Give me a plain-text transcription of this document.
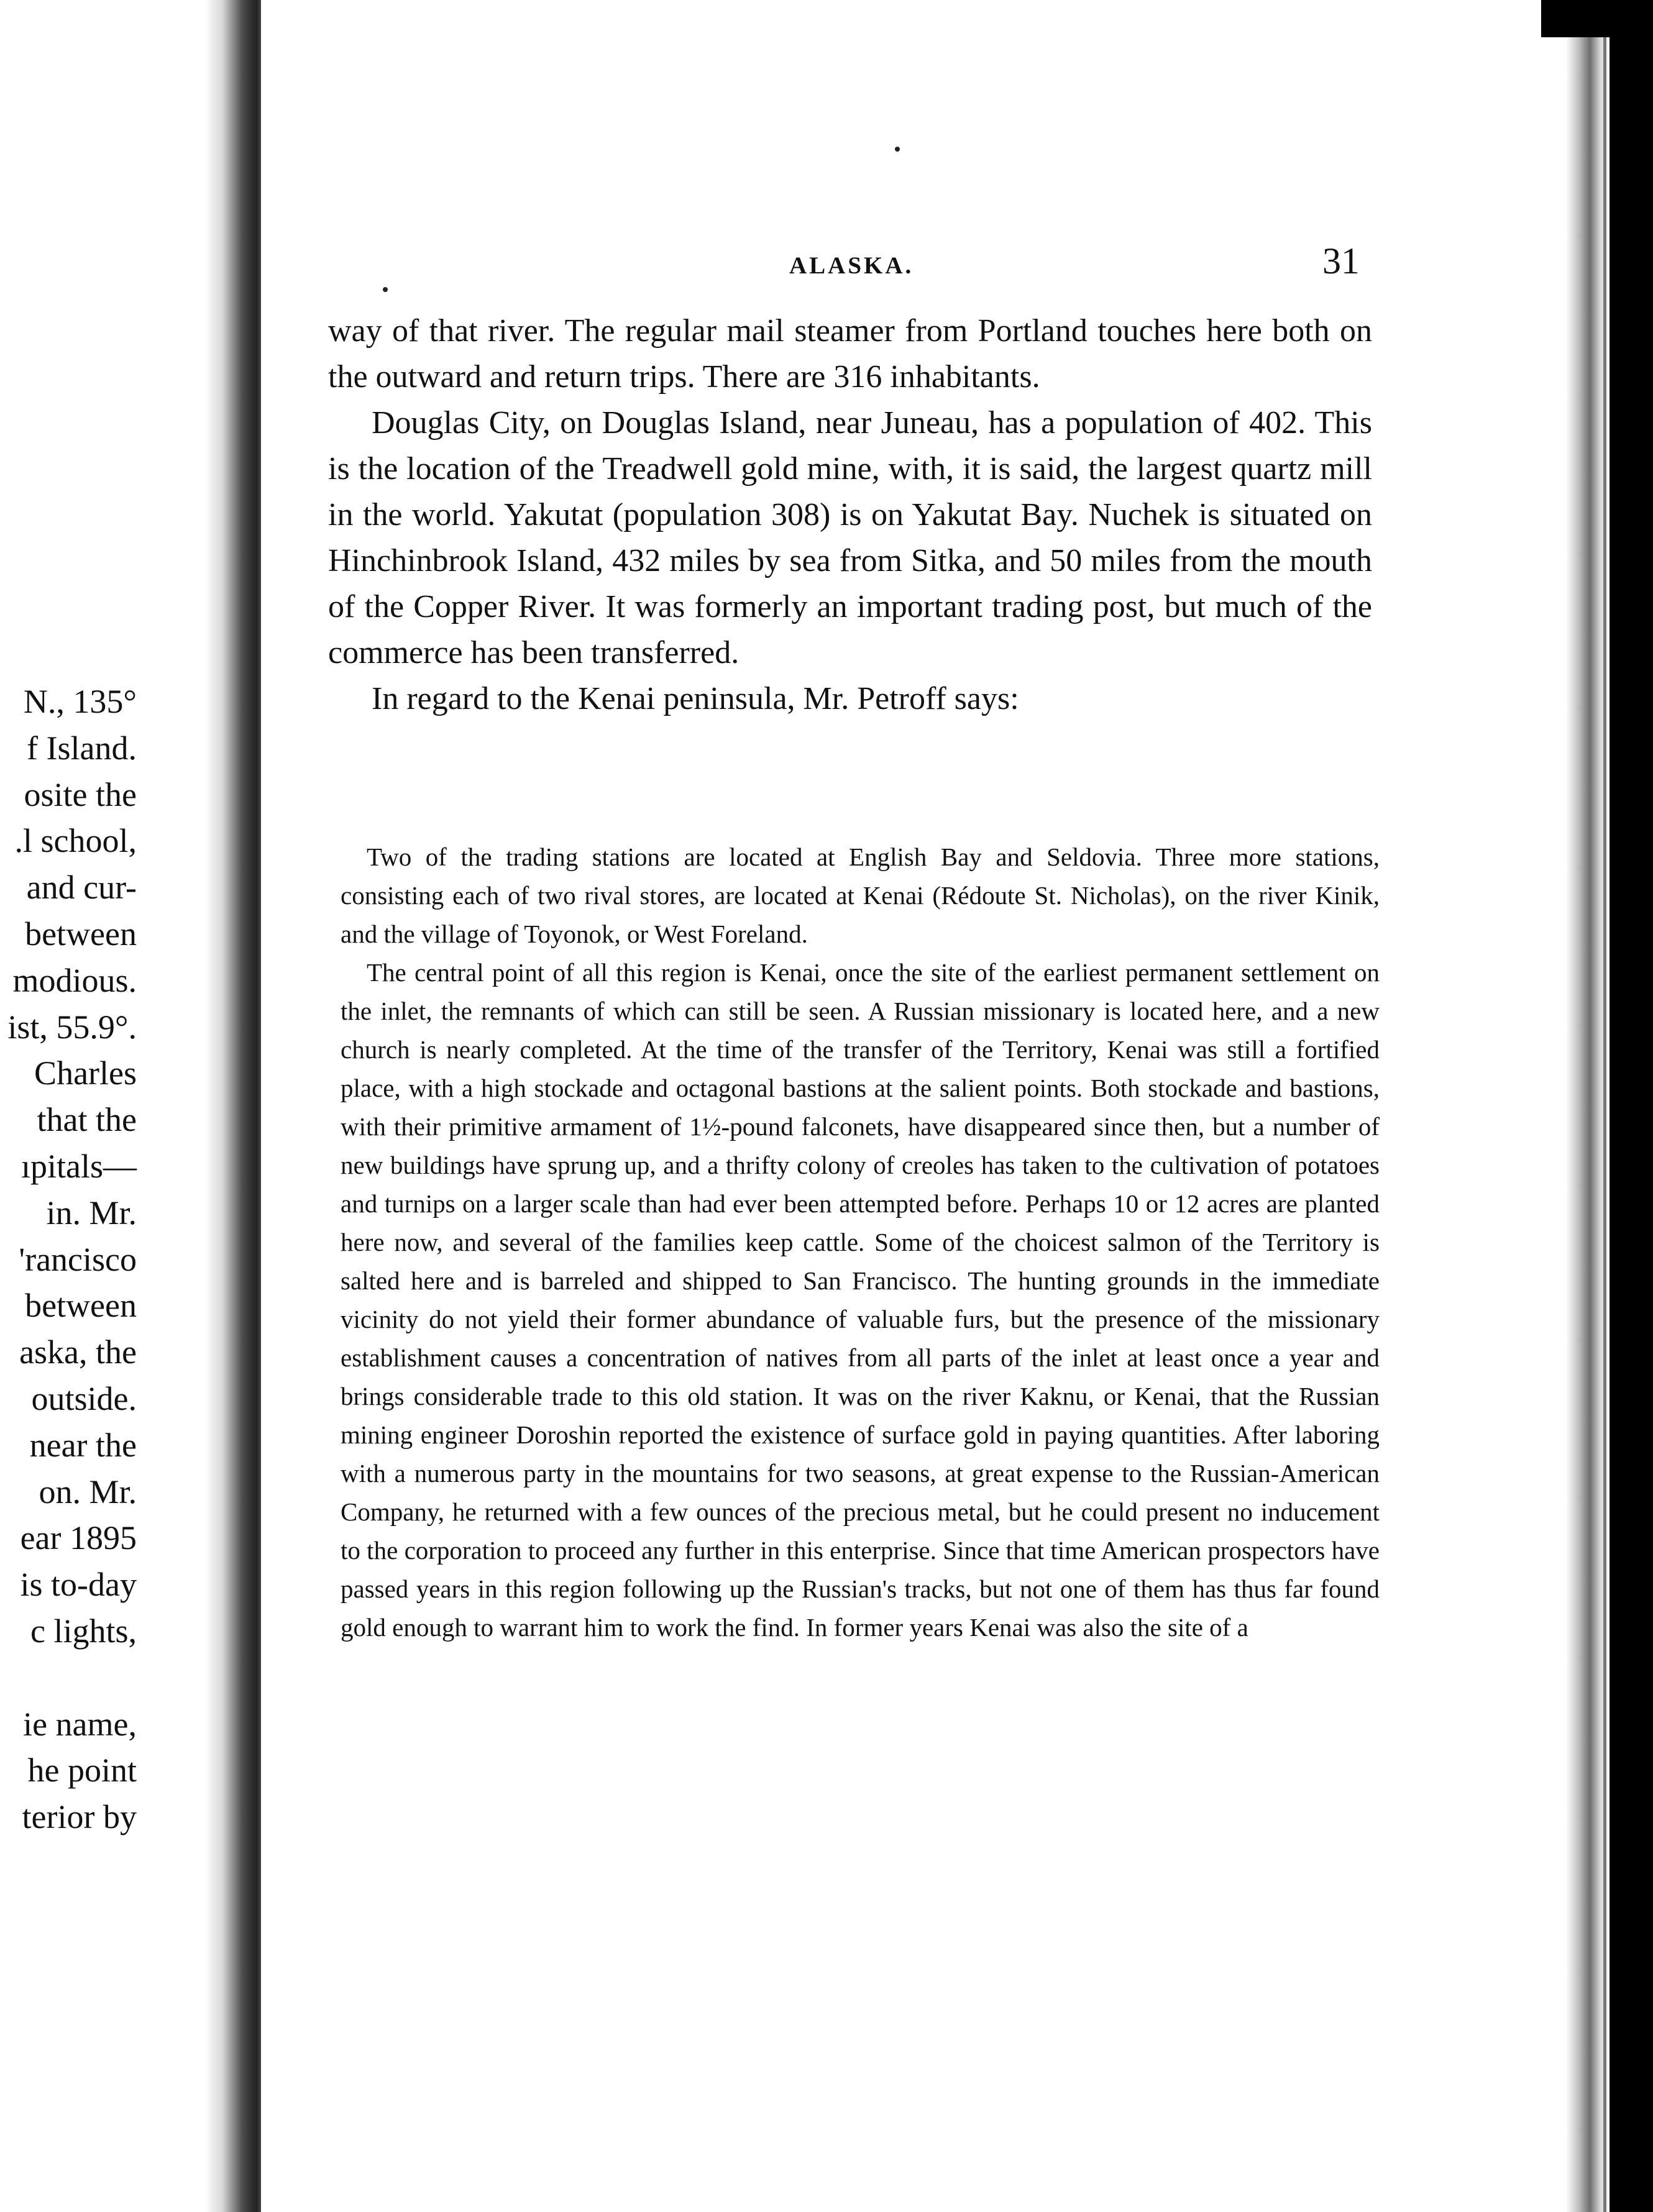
N., 135°
f Island.
osite the
.l school,
and cur-
between
modious.
ist, 55.9°.
Charles
that the
ıpitals—
in. Mr.
'rancisco
between
aska, the
outside.
near the
on. Mr.
ear 1895
is to-day
c lights,
ie name,
he point
terior by
ALASKA.	31

way of that river. The regular mail steamer from Portland touches here both on the outward and return trips. There are 316 inhabitants.

Douglas City, on Douglas Island, near Juneau, has a population of 402. This is the location of the Treadwell gold mine, with, it is said, the largest quartz mill in the world. Yakutat (population 308) is on Yakutat Bay. Nuchek is situated on Hinchinbrook Island, 432 miles by sea from Sitka, and 50 miles from the mouth of the Copper River. It was formerly an important trading post, but much of the commerce has been transferred.

In regard to the Kenai peninsula, Mr. Petroff says:

Two of the trading stations are located at English Bay and Seldovia. Three more stations, consisting each of two rival stores, are located at Kenai (Rédoute St. Nicholas), on the river Kinik, and the village of Toyonok, or West Foreland.

The central point of all this region is Kenai, once the site of the earliest permanent settlement on the inlet, the remnants of which can still be seen. A Russian missionary is located here, and a new church is nearly completed. At the time of the transfer of the Territory, Kenai was still a fortified place, with a high stockade and octagonal bastions at the salient points. Both stockade and bastions, with their primitive armament of 1½-pound falconets, have disappeared since then, but a number of new buildings have sprung up, and a thrifty colony of creoles has taken to the cultivation of potatoes and turnips on a larger scale than had ever been attempted before. Perhaps 10 or 12 acres are planted here now, and several of the families keep cattle. Some of the choicest salmon of the Territory is salted here and is barreled and shipped to San Francisco. The hunting grounds in the immediate vicinity do not yield their former abundance of valuable furs, but the presence of the missionary establishment causes a concentration of natives from all parts of the inlet at least once a year and brings considerable trade to this old station. It was on the river Kaknu, or Kenai, that the Russian mining engineer Doroshin reported the existence of surface gold in paying quantities. After laboring with a numerous party in the mountains for two seasons, at great expense to the Russian-American Company, he returned with a few ounces of the precious metal, but he could present no inducement to the corporation to proceed any further in this enterprise. Since that time American prospectors have passed years in this region following up the Russian's tracks, but not one of them has thus far found gold enough to warrant him to work the find. In former years Kenai was also the site of a
